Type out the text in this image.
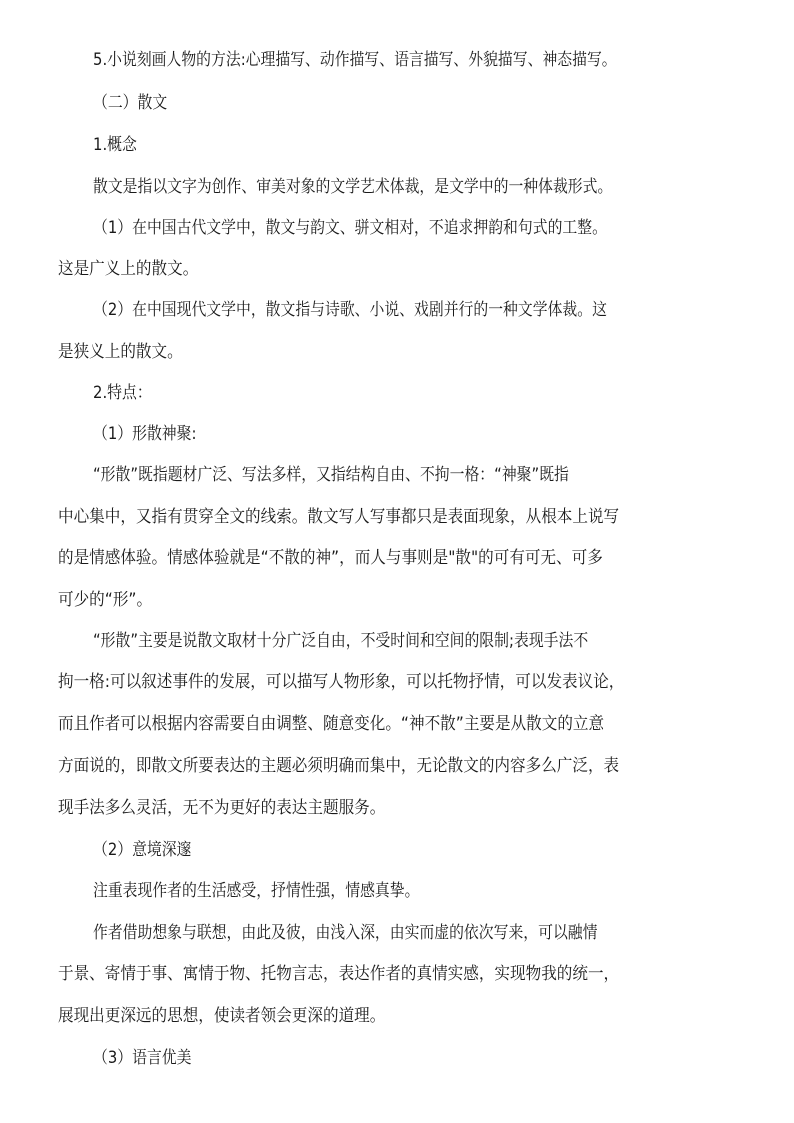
5.小说刻画人物的方法:心理描写、动作描写、语言描写、外貌描写、神态描写。
（二）散文
1.概念
散文是指以文字为创作、审美对象的文学艺术体裁，是文学中的一种体裁形式。
（1）在中国古代文学中，散文与韵文、骈文相对，不追求押韵和句式的工整。
这是广义上的散文。
（2）在中国现代文学中，散文指与诗歌、小说、戏剧并行的一种文学体裁。这
是狭义上的散文。
2.特点：
（1）形散神聚:
“形散”既指题材广泛、写法多样，又指结构自由、不拘一格：“神聚”既指
中心集中，又指有贯穿全文的线索。散文写人写事都只是表面现象，从根本上说写
的是情感体验。情感体验就是“不散的神”，而人与事则是"散"的可有可无、可多
可少的“形”。
“形散”主要是说散文取材十分广泛自由，不受时间和空间的限制;表现手法不
拘一格:可以叙述事件的发展，可以描写人物形象，可以托物抒情，可以发表议论，
而且作者可以根据内容需要自由调整、随意变化。“神不散”主要是从散文的立意
方面说的，即散文所要表达的主题必须明确而集中，无论散文的内容多么广泛，表
现手法多么灵活，无不为更好的表达主题服务。
（2）意境深邃
注重表现作者的生活感受，抒情性强，情感真挚。
作者借助想象与联想，由此及彼，由浅入深，由实而虚的依次写来，可以融情
于景、寄情于事、寓情于物、托物言志，表达作者的真情实感，实现物我的统一，
展现出更深远的思想，使读者领会更深的道理。
（3）语言优美
